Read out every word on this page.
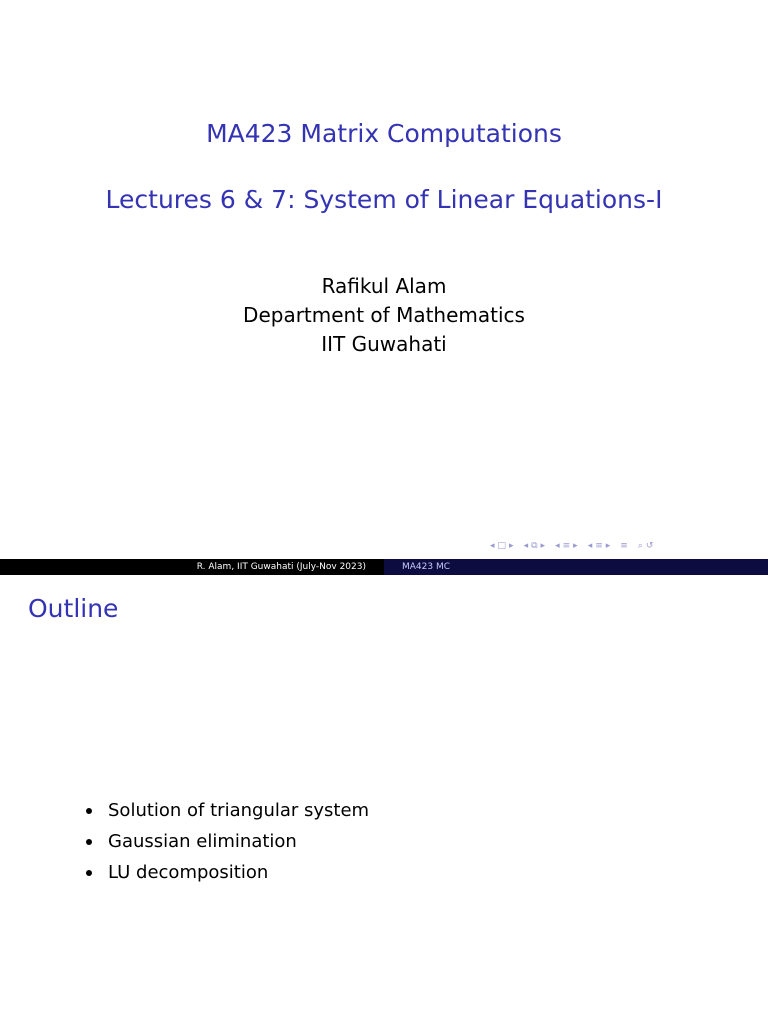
MA423 Matrix Computations
Lectures 6 & 7: System of Linear Equations-I
Rafikul Alam
Department of Mathematics
IIT Guwahati
◂ □ ▸ ◂ ⧉ ▸ ◂ ≡ ▸ ◂ ≡ ▸ ≡ ⌕ ↺
R. Alam, IIT Guwahati (July-Nov 2023)	MA423 MC
Outline
Solution of triangular system
Gaussian elimination
LU decomposition
